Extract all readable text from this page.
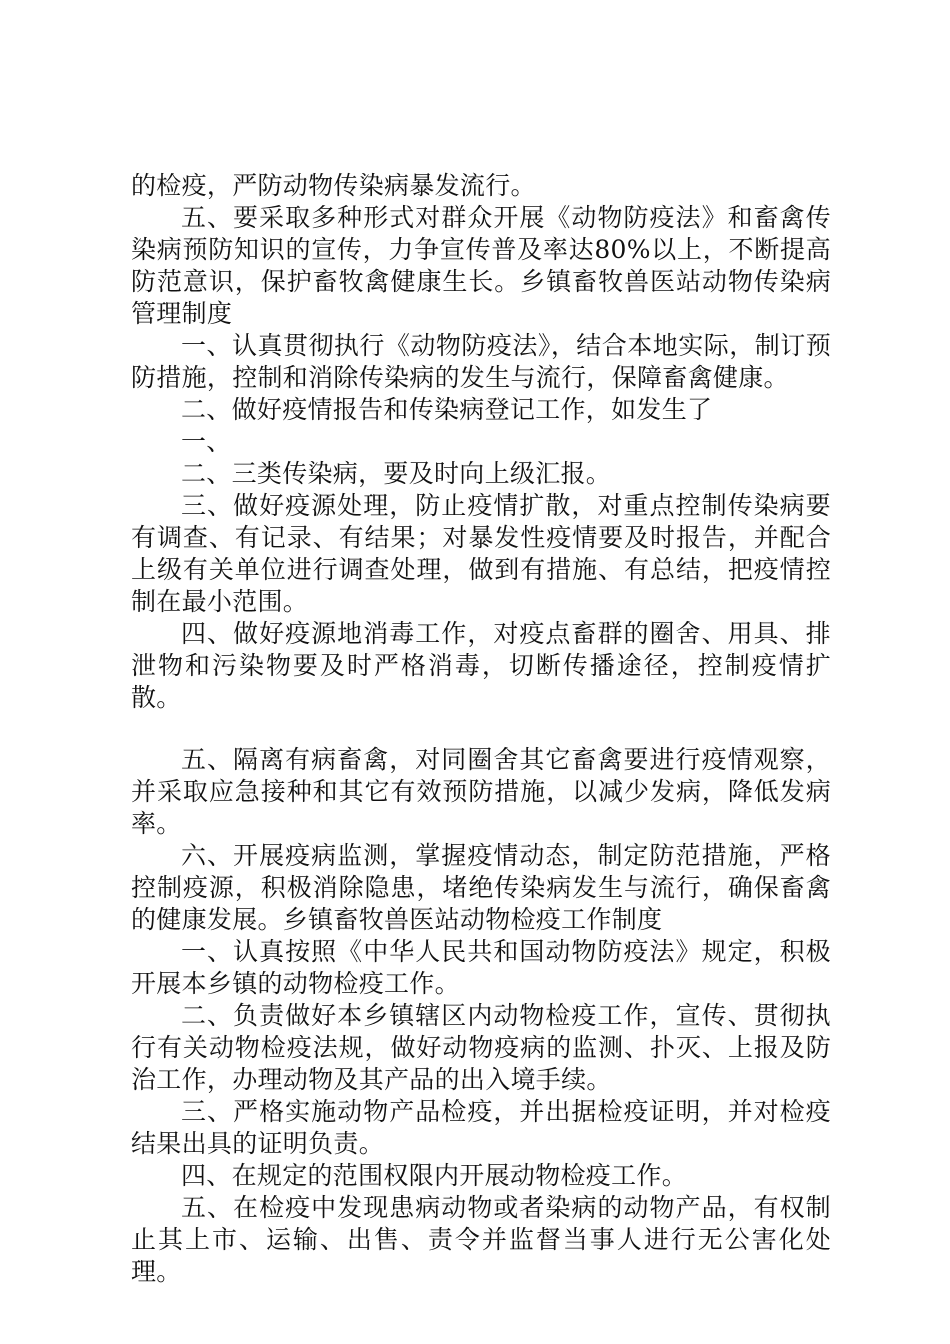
的检疫，严防动物传染病暴发流行。

五、要采取多种形式对群众开展《动物防疫法》和畜禽传染病预防知识的宣传，力争宣传普及率达80%以上，不断提高防范意识，保护畜牧禽健康生长。乡镇畜牧兽医站动物传染病管理制度

一、认真贯彻执行《动物防疫法》，结合本地实际，制订预防措施，控制和消除传染病的发生与流行，保障畜禽健康。

二、做好疫情报告和传染病登记工作，如发生了

一、

二、三类传染病，要及时向上级汇报。

三、做好疫源处理，防止疫情扩散，对重点控制传染病要有调查、有记录、有结果；对暴发性疫情要及时报告，并配合上级有关单位进行调查处理，做到有措施、有总结，把疫情控制在最小范围。

四、做好疫源地消毒工作，对疫点畜群的圈舍、用具、排泄物和污染物要及时严格消毒，切断传播途径，控制疫情扩散。

五、隔离有病畜禽，对同圈舍其它畜禽要进行疫情观察，并采取应急接种和其它有效预防措施，以减少发病，降低发病率。

六、开展疫病监测，掌握疫情动态，制定防范措施，严格控制疫源，积极消除隐患，堵绝传染病发生与流行，确保畜禽的健康发展。乡镇畜牧兽医站动物检疫工作制度

一、认真按照《中华人民共和国动物防疫法》规定，积极开展本乡镇的动物检疫工作。

二、负责做好本乡镇辖区内动物检疫工作，宣传、贯彻执行有关动物检疫法规，做好动物疫病的监测、扑灭、上报及防治工作，办理动物及其产品的出入境手续。

三、严格实施动物产品检疫，并出据检疫证明，并对检疫结果出具的证明负责。

四、在规定的范围权限内开展动物检疫工作。

五、在检疫中发现患病动物或者染病的动物产品，有权制止其上市、运输、出售、责令并监督当事人进行无公害化处理。
